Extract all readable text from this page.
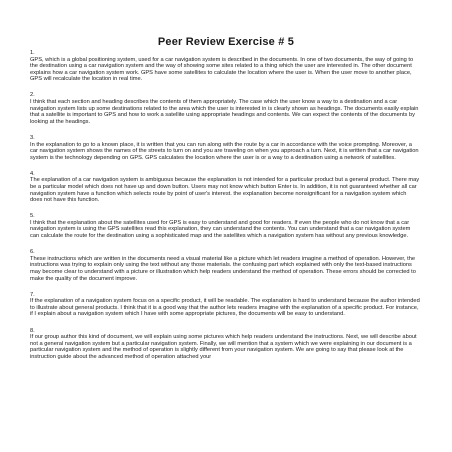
Peer Review Exercise # 5
1.
GPS, which is a global positioning system, used for a car navigation system is described in the documents. In one of two documents, the way of going to the destination using a car navigation system and the way of showing some sites related to a thing which the user are interested in. The other document explains how a car navigation system work. GPS have some satellites to calculate the location where the user is. When the user move to another place, GPS will recalculate the location in real time.
2.
I think that each section and heading describes the contents of them appropriately. The case which the user know a way to a destination and a car navigation system lists up some destinations related to the area which the user is interested in is clearly shown as headings. The documents easily explain that a satellite is important to GPS and how to work a satellite using appropriate headings and contents. We can expect the contents of the documents by looking at the headings.
3.
In the explanation to go to a known place, it is written that you can run along with the route by a car in accordance with the voice prompting. Moreover, a car navigation system shows the names of the streets to turn on and you are traveling on when you approach a turn. Next, it is written that a car navigation system is the technology depending on GPS. GPS calculates the location where the user is or a way to a destination using a network of satellites.
4.
The explanation of a car navigation system is ambiguous because the explanation is not intended for a particular product but a general product. There may be a particular model which does not have up and down button. Users may not know which button Enter is. In addition, it is not guaranteed whether all car navigation system have a function which selects route by point of user's interest. the explanation become nonsignificant for a navigation system which does not have this function.
5.
I think that the explanation about the satellites used for GPS is easy to understand and good for readers. If even the people who do not know that a car navigation system is using the GPS satellites read this explanation, they can understand the contents. You can understand that a car navigation system can calculate the route for the destination using a sophisticated map and the satellites which a navigation system has without any previous knowledge.
6.
These instructions which are written in the documents need a visual material like a picture which let readers imagine a method of operation. However, the instructions was trying to explain only using the text without any those materials. the confusing part which explained with only the text-based instructions may become clear to understand with a picture or illustration which help readers understand the method of operation. These errors should be corrected to make the quality of the document improve.
7.
If the explanation of a navigation system focus on a specific product, it will be readable. The explanation is hard to understand because the author intended to illustrate about general products. I think that it is a good way that the author lets readers imagine with the explanation of a specific product. For instance, if I explain about a navigation system which I have with some appropriate pictures, the documents will be easy to understand.
8.
If our group author this kind of document, we will explain using some pictures which help readers understand the instructions. Next, we will describe about not a general navigation system but a particular navigation system. Finally, we will mention that a system which we were explaining in our document is a particular navigation system and the method of operation is slightly different from your navigation system. We are going to say that please look at the instruction guide about the advanced method of operation attached your
